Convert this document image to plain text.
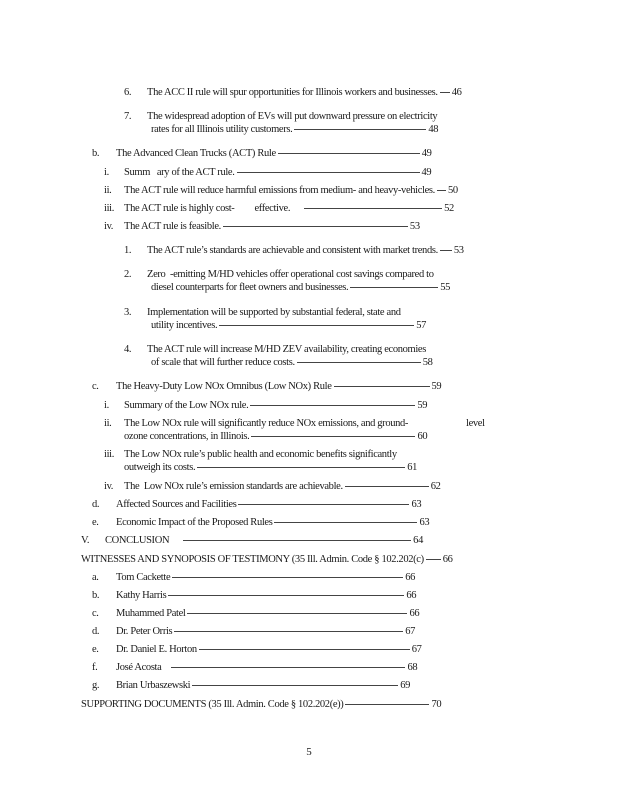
6.	The ACC II rule will spur opportunities for Illinois workers and businesses. 46
7.	The widespread adoption of EVs will put downward pressure on electricity
rates for all Illinois utility customers.	48
b.	The Advanced Clean Trucks (ACT) Rule	49
i.	Summ   ary of the ACT rule.	49
ii.	The ACT rule will reduce harmful emissions from medium- and heavy-vehicles. 50
iii. The ACT rule is highly cost- effective.	52
iv.	The ACT rule is feasible.	53
1.	The ACT rule’s standards are achievable and consistent with market trends. 53
2.	Zero  -emitting M/HD vehicles offer operational cost savings compared to
diesel counterparts for fleet owners and businesses.	55
3.	Implementation will be supported by substantial federal, state and
utility incentives.	57
4.	The ACT rule will increase M/HD ZEV availability, creating economies
of scale that will further reduce costs.	58
c.	The Heavy-Duty Low NOx Omnibus (Low NOx) Rule	59
i.	Summary of the Low NOx rule.	59
ii.	The Low NOx rule will significantly reduce NOx emissions, and ground-	level
ozone concentrations, in Illinois.	60
iii. The Low NOx rule’s public health and economic benefits significantly
outweigh its costs.	61
iv.	The  Low NOx rule’s emission standards are achievable.	62
d.	Affected Sources and Facilities	63
e.	Economic Impact of the Proposed Rules	63
V.	CONCLUSION	64
WITNESSES AND SYNOPOSIS OF TESTIMONY (35 Ill. Admin. Code § 102.202(c) 66
a.	Tom Cackette	66
b.	Kathy Harris	66
c.	Muhammed Patel	66
d.	Dr. Peter Orris	67
e.	Dr. Daniel E. Horton	67
f.	José Acosta	68
g.	Brian Urbaszewski	69
SUPPORTING DOCUMENTS (35 Ill. Admin. Code § 102.202(e))	70
5
